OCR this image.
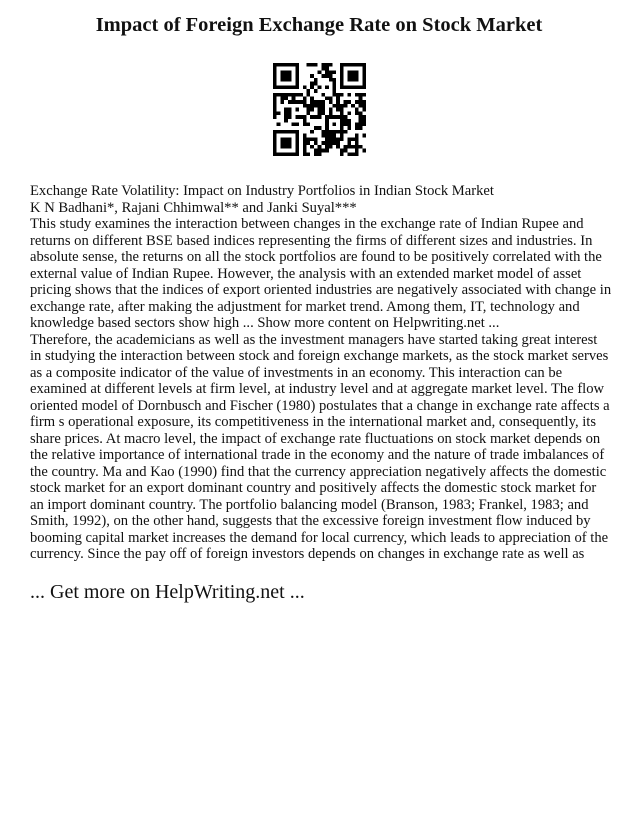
Impact of Foreign Exchange Rate on Stock Market

Exchange Rate Volatility: Impact on Industry Portfolios in Indian Stock Market

K N Badhani*, Rajani Chhimwal** and Janki Suyal***

This study examines the interaction between changes in the exchange rate of Indian Rupee and returns on different BSE based indices representing the firms of different sizes and industries. In absolute sense, the returns on all the stock portfolios are found to be positively correlated with the external value of Indian Rupee. However, the analysis with an extended market model of asset pricing shows that the indices of export oriented industries are negatively associated with change in exchange rate, after making the adjustment for market trend. Among them, IT, technology and knowledge based sectors show high ... Show more content on Helpwriting.net ...

Therefore, the academicians as well as the investment managers have started taking great interest in studying the interaction between stock and foreign exchange markets, as the stock market serves as a composite indicator of the value of investments in an economy. This interaction can be examined at different levels at firm level, at industry level and at aggregate market level. The flow oriented model of Dornbusch and Fischer (1980) postulates that a change in exchange rate affects a firm s operational exposure, its competitiveness in the international market and, consequently, its share prices. At macro level, the impact of exchange rate fluctuations on stock market depends on the relative importance of international trade in the economy and the nature of trade imbalances of the country. Ma and Kao (1990) find that the currency appreciation negatively affects the domestic stock market for an export dominant country and positively affects the domestic stock market for an import dominant country. The portfolio balancing model (Branson, 1983; Frankel, 1983; and Smith, 1992), on the other hand, suggests that the excessive foreign investment flow induced by booming capital market increases the demand for local currency, which leads to appreciation of the currency. Since the pay off of foreign investors depends on changes in exchange rate as well as

... Get more on HelpWriting.net ...
